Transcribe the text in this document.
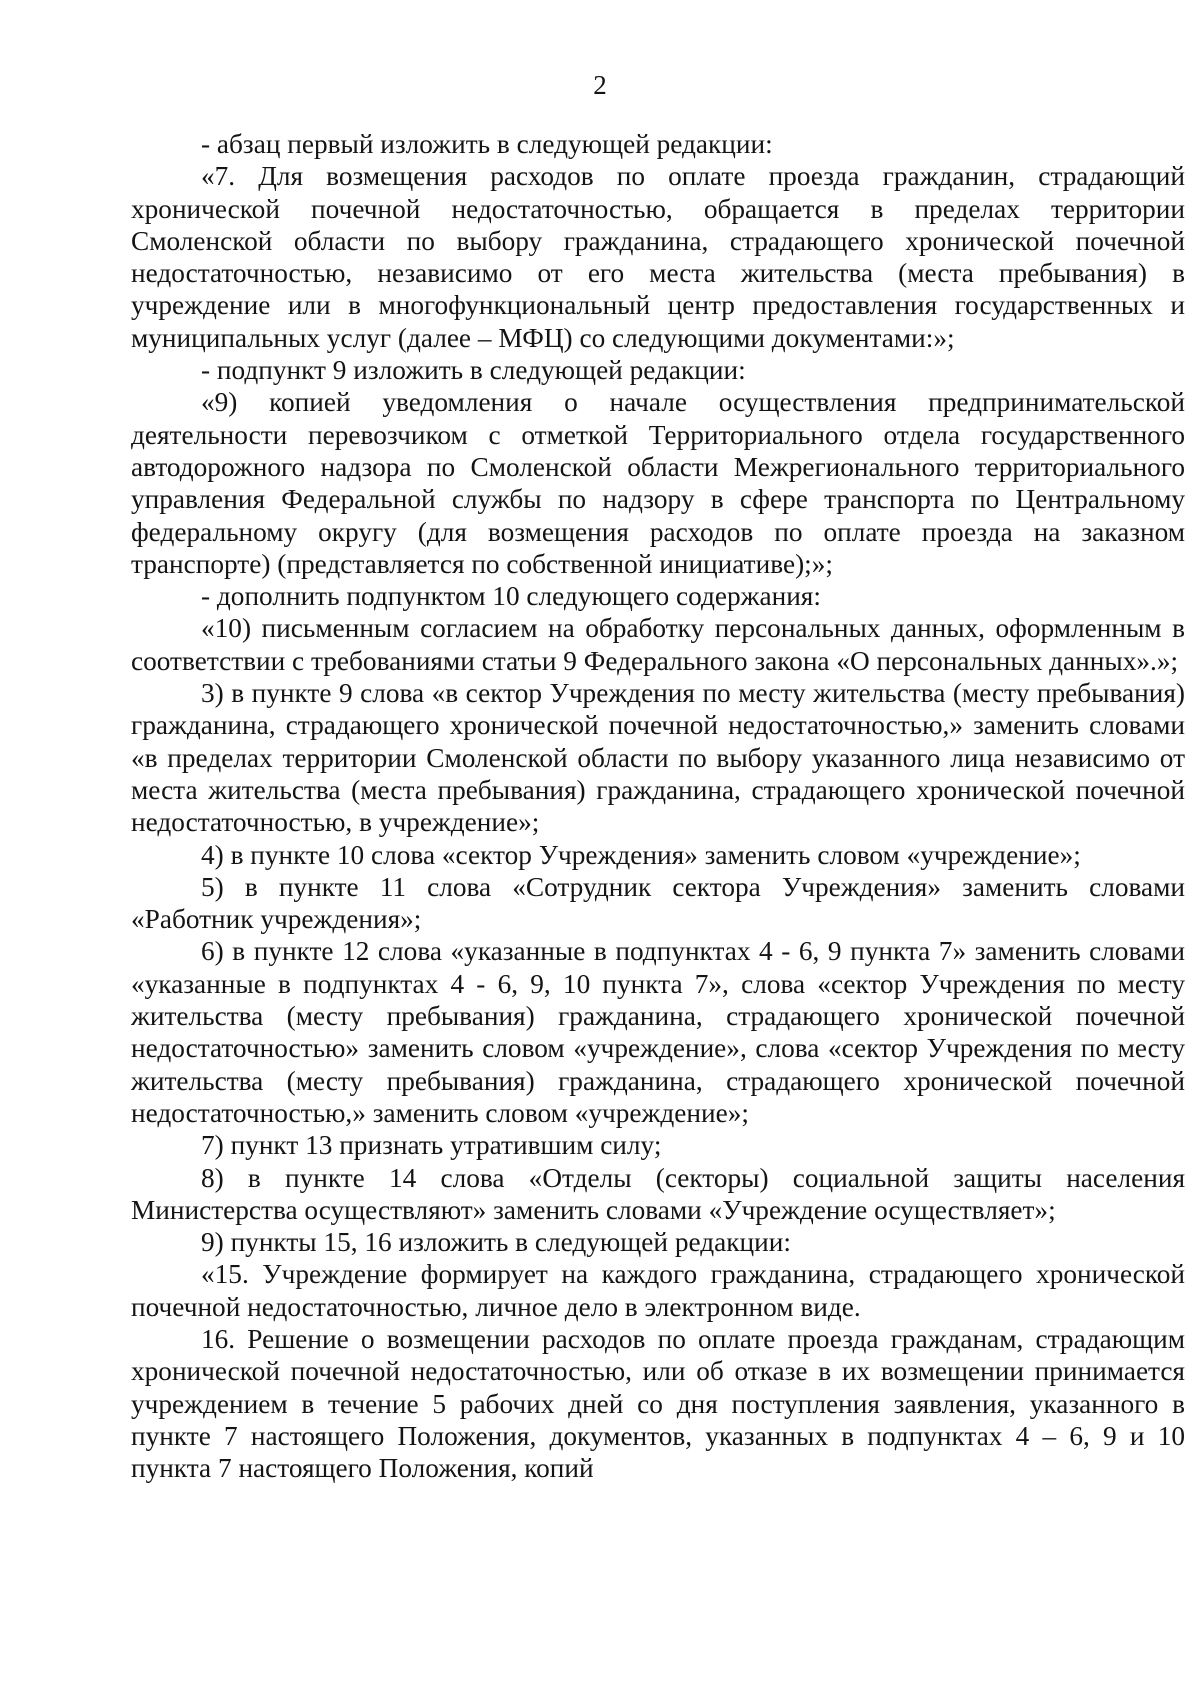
2

- абзац первый изложить в следующей редакции:

«7. Для возмещения расходов по оплате проезда гражданин, страдающий хронической почечной недостаточностью, обращается в пределах территории Смоленской области по выбору гражданина, страдающего хронической почечной недостаточностью, независимо от его места жительства (места пребывания) в учреждение или в многофункциональный центр предоставления государственных и муниципальных услуг (далее – МФЦ) со следующими документами:»;

- подпункт 9 изложить в следующей редакции:

«9) копией уведомления о начале осуществления предпринимательской деятельности перевозчиком с отметкой Территориального отдела государственного автодорожного надзора по Смоленской области Межрегионального территориального управления Федеральной службы по надзору в сфере транспорта по Центральному федеральному округу (для возмещения расходов по оплате проезда на заказном транспорте) (представляется по собственной инициативе);»;

- дополнить подпунктом 10 следующего содержания:

«10) письменным согласием на обработку персональных данных, оформленным в соответствии с требованиями статьи 9 Федерального закона «О персональных данных».»;

3) в пункте 9 слова «в сектор Учреждения по месту жительства (месту пребывания) гражданина, страдающего хронической почечной недостаточностью,» заменить словами «в пределах территории Смоленской области по выбору указанного лица независимо от места жительства (места пребывания) гражданина, страдающего хронической почечной недостаточностью, в учреждение»;

4) в пункте 10 слова «сектор Учреждения» заменить словом «учреждение»;

5) в пункте 11 слова «Сотрудник сектора Учреждения» заменить словами «Работник учреждения»;

6) в пункте 12 слова «указанные в подпунктах 4 - 6, 9 пункта 7» заменить словами «указанные в подпунктах 4 - 6, 9, 10 пункта 7», слова «сектор Учреждения по месту жительства (месту пребывания) гражданина, страдающего хронической почечной недостаточностью» заменить словом «учреждение», слова «сектор Учреждения по месту жительства (месту пребывания) гражданина, страдающего хронической почечной недостаточностью,» заменить словом «учреждение»;

7) пункт 13 признать утратившим силу;

8) в пункте 14 слова «Отделы (секторы) социальной защиты населения Министерства осуществляют» заменить словами «Учреждение осуществляет»;

9) пункты 15, 16 изложить в следующей редакции:

«15. Учреждение формирует на каждого гражданина, страдающего хронической почечной недостаточностью, личное дело в электронном виде.

16. Решение о возмещении расходов по оплате проезда гражданам, страдающим хронической почечной недостаточностью, или об отказе в их возмещении принимается учреждением в течение 5 рабочих дней со дня поступления заявления, указанного в пункте 7 настоящего Положения, документов, указанных в подпунктах 4 – 6, 9 и 10 пункта 7 настоящего Положения, копий
